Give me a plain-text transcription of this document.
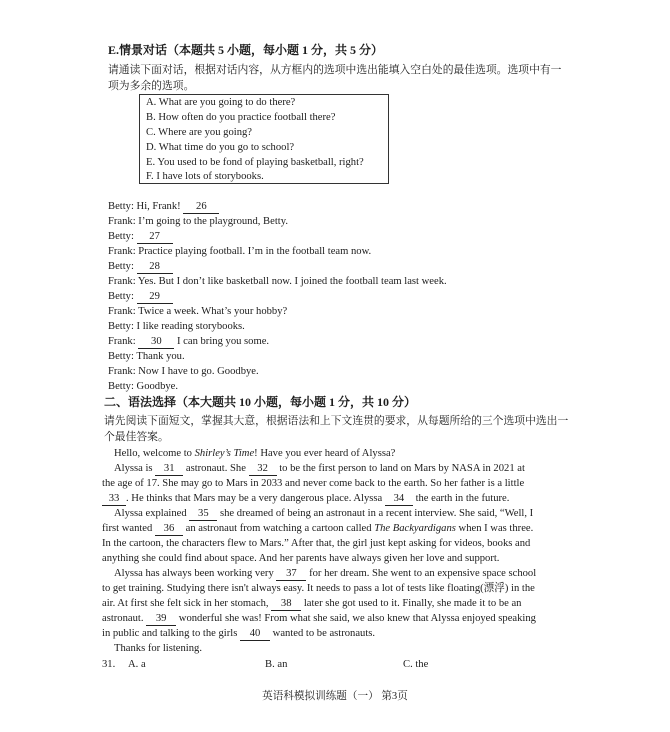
E.情景对话（本题共 5 小题，每小题 1 分，共 5 分）
请通读下面对话，根据对话内容，从方框内的选项中选出能填入空白处的最佳选项。选项中有一
项为多余的选项。
A. What are you going to do there?
B. How often do you practice football there?
C. Where are you going?
D. What time do you go to school?
E. You used to be fond of playing basketball, right?
F. I have lots of storybooks.
Betty: Hi, Frank! 26
Frank: I’m going to the playground, Betty.
Betty: 27
Frank: Practice playing football. I’m in the football team now.
Betty: 28
Frank: Yes. But I don’t like basketball now. I joined the football team last week.
Betty: 29
Frank: Twice a week. What’s your hobby?
Betty: I like reading storybooks.
Frank: 30 I can bring you some.
Betty: Thank you.
Frank: Now I have to go. Goodbye.
Betty: Goodbye.
二、语法选择（本大题共 10 小题，每小题 1 分，共 10 分）
请先阅读下面短文，掌握其大意，根据语法和上下文连贯的要求，从每题所给的三个选项中选出一
个最佳答案。
Hello, welcome to Shirley’s Time! Have you ever heard of Alyssa?
Alyssa is 31 astronaut. She 32 to be the first person to land on Mars by NASA in 2021 at
the age of 17. She may go to Mars in 2033 and never come back to the earth. So her father is a little
33 . He thinks that Mars may be a very dangerous place. Alyssa 34 the earth in the future.
Alyssa explained 35 she dreamed of being an astronaut in a recent interview. She said, “Well, I
first wanted 36 an astronaut from watching a cartoon called The Backyardigans when I was three.
In the cartoon, the characters flew to Mars.” After that, the girl just kept asking for videos, books and
anything she could find about space. And her parents have always given her love and support.
Alyssa has always been working very 37 for her dream. She went to an expensive space school
to get training. Studying there isn't always easy. It needs to pass a lot of tests like floating(漂浮) in the
air. At first she felt sick in her stomach, 38 later she got used to it. Finally, she made it to be an
astronaut. 39 wonderful she was! From what she said, we also knew that Alyssa enjoyed speaking
in public and talking to the girls 40 wanted to be astronauts.
Thanks for listening.
31. A. a	B. an	C. the
英语科模拟训练题（一） 第3页
